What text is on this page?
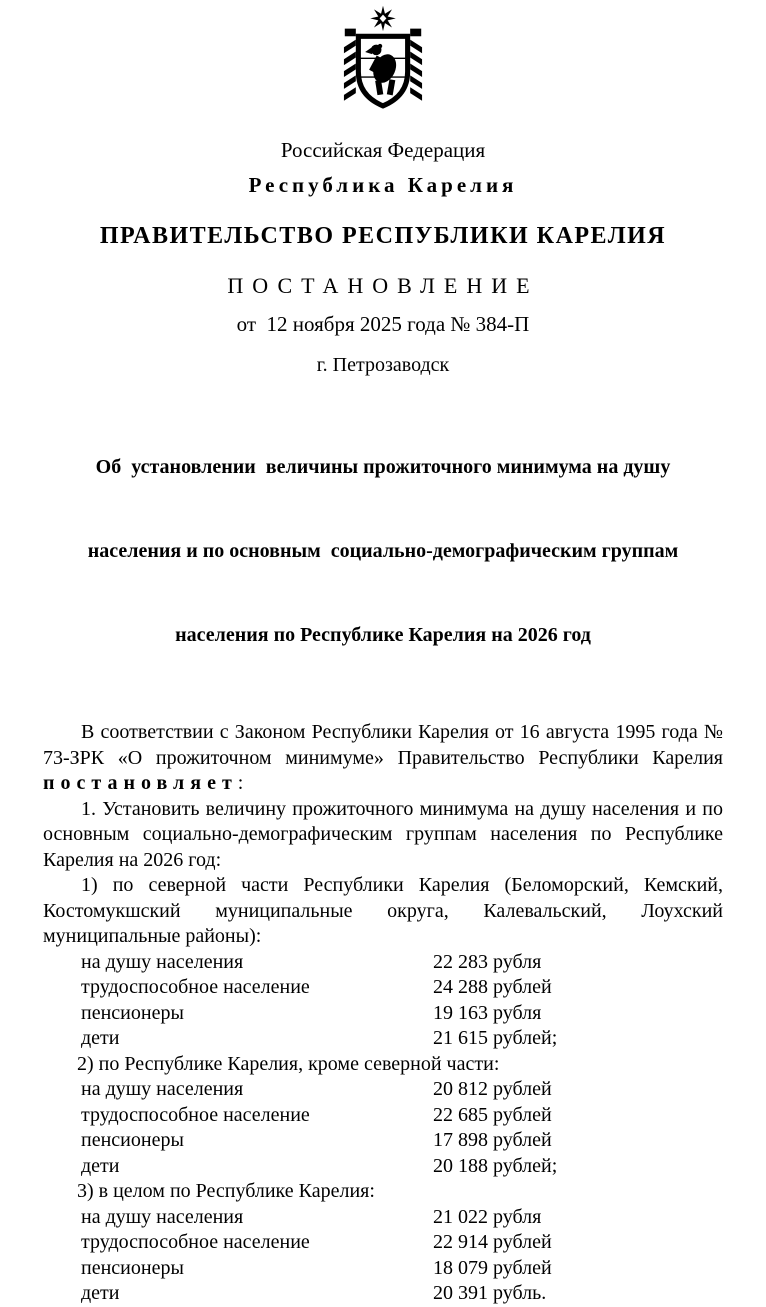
Российская Федерация
Республика Карелия
ПРАВИТЕЛЬСТВО РЕСПУБЛИКИ КАРЕЛИЯ
ПОСТАНОВЛЕНИЕ
от  12 ноября 2025 года № 384-П
г. Петрозаводск

Об  установлении  величины прожиточного минимума на душу

населения и по основным  социально-демографическим группам

населения по Республике Карелия на 2026 год

В соответствии с Законом Республики Карелия от 16 августа 1995 года № 73-ЗРК «О прожиточном минимуме» Правительство Республики Карелия постановляет:

1. Установить величину прожиточного минимума на душу населения и по основным социально-демографическим группам населения по Республике Карелия на 2026 год:

1) по северной части Республики Карелия (Беломорский, Кемский, Костомукшский муниципальные округа, Калевальский, Лоухский муниципальные районы):

на душу населения	22 283 рубля
трудоспособное население	24 288 рублей
пенсионеры	19 163 рубля
дети	21 615 рублей;

2) по Республике Карелия, кроме северной части:

на душу населения	20 812 рублей
трудоспособное население	22 685 рублей
пенсионеры	17 898 рублей
дети	20 188 рублей;

3) в целом по Республике Карелия:

на душу населения	21 022 рубля
трудоспособное население	22 914 рублей
пенсионеры	18 079 рублей
дети	20 391 рубль.
